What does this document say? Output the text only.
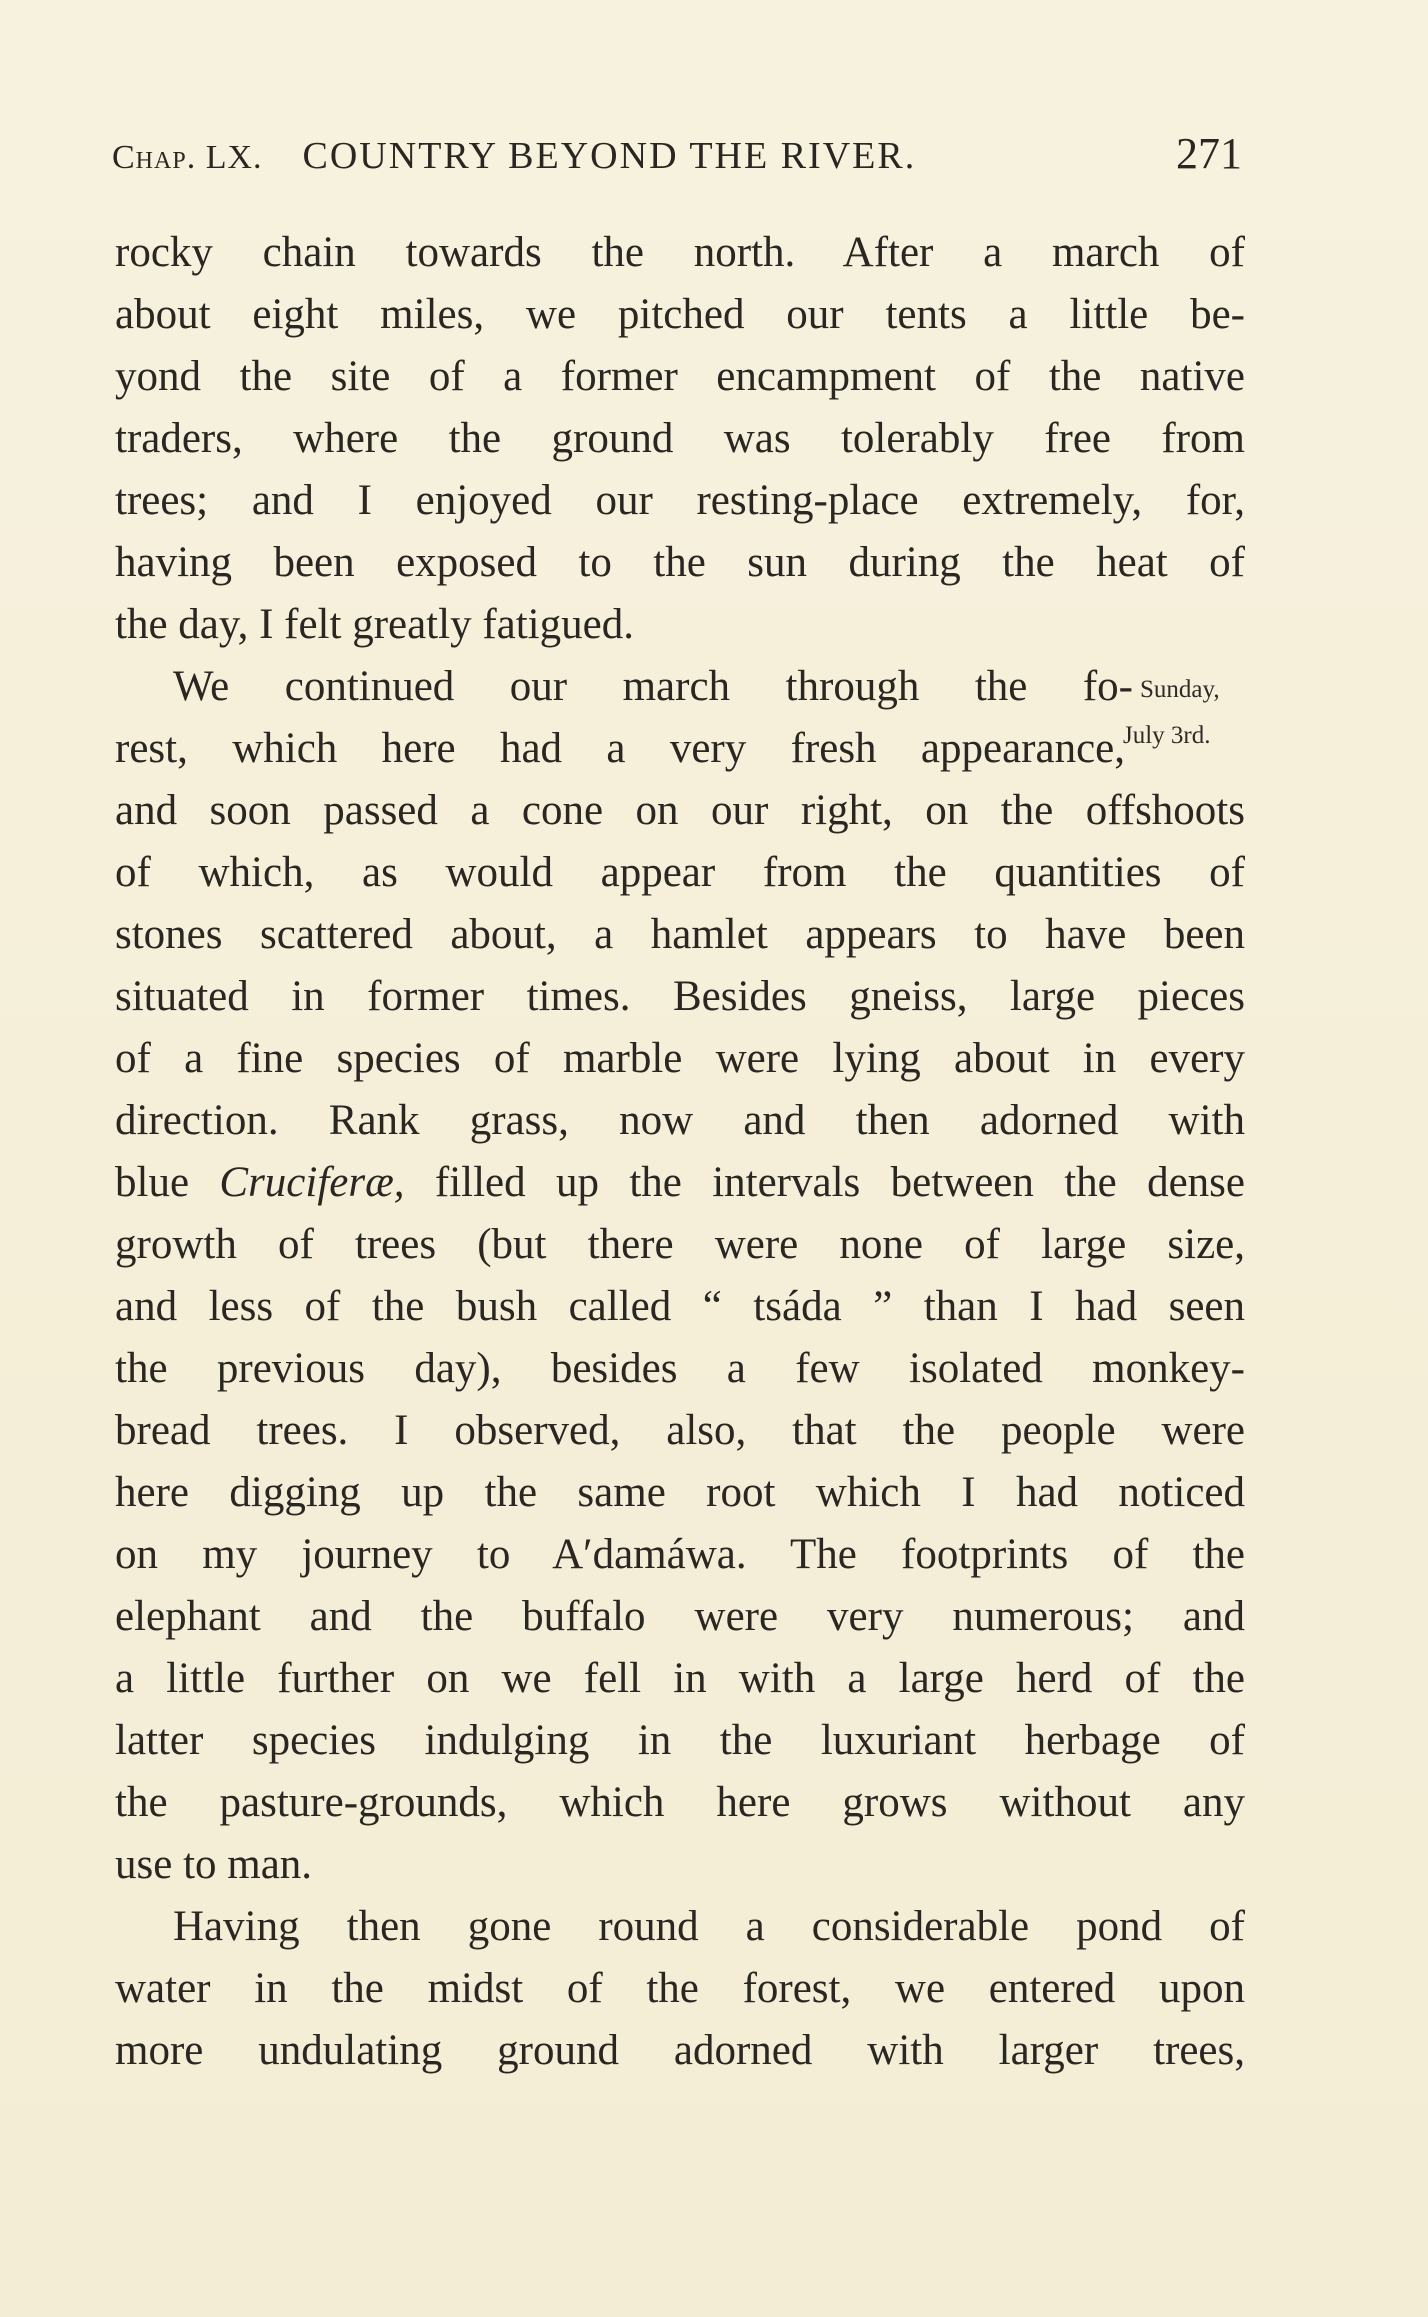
Chap. LX. COUNTRY BEYOND THE RIVER.	271
Sunday,
July 3rd.
rocky chain towards the north. After a march of
about eight miles, we pitched our tents a little be-
yond the site of a former encampment of the native
traders, where the ground was tolerably free from
trees; and I enjoyed our resting-place extremely, for,
having been exposed to the sun during the heat of
the day, I felt greatly fatigued.
We continued our march through the fo-
rest, which here had a very fresh appearance,
and soon passed a cone on our right, on the offshoots
of which, as would appear from the quantities of
stones scattered about, a hamlet appears to have been
situated in former times. Besides gneiss, large pieces
of a fine species of marble were lying about in every
direction. Rank grass, now and then adorned with
blue Cruciferæ, filled up the intervals between the dense
growth of trees (but there were none of large size,
and less of the bush called “ tsáda ” than I had seen
the previous day), besides a few isolated monkey-
bread trees. I observed, also, that the people were
here digging up the same root which I had noticed
on my journey to A′damáwa. The footprints of the
elephant and the buffalo were very numerous; and
a little further on we fell in with a large herd of the
latter species indulging in the luxuriant herbage of
the pasture-grounds, which here grows without any
use to man.
Having then gone round a considerable pond of
water in the midst of the forest, we entered upon
more undulating ground adorned with larger trees,
